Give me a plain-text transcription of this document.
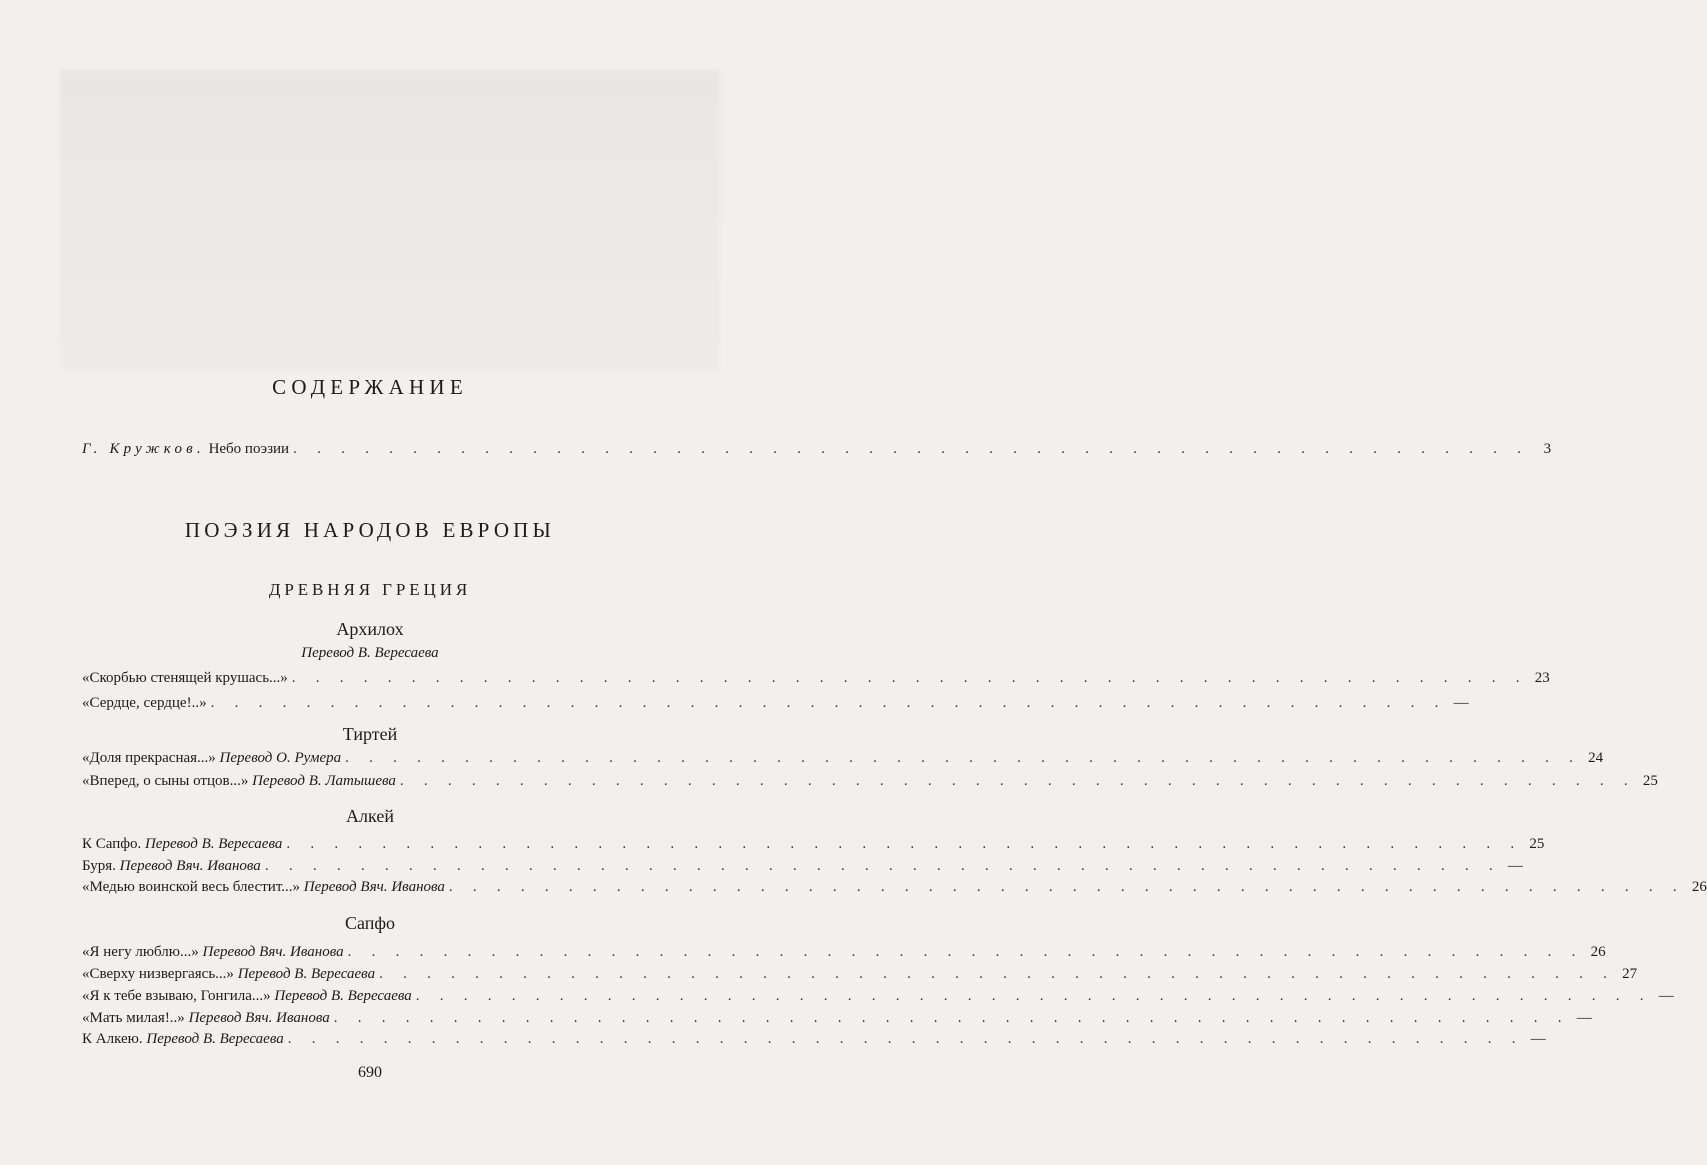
СОДЕРЖАНИЕ
Г. Кружков. Небо поэзии . . . . . . . . . . . . . . . . . . . . . . . . . . . . . . . . . . . . . . . . . . . . . . . . . . . . 3
ПОЭЗИЯ НАРОДОВ ЕВРОПЫ
ДРЕВНЯЯ ГРЕЦИЯ
Архилох

Перевод В. Вересаева

«Скорбью стенящей крушась...» . . . . . . . . . . . . . . . . . . . . . . . . . . . . . . . . . . . . . . . . . . . . . . . . . . . . 23
«Сердце, сердце!..» . . . . . . . . . . . . . . . . . . . . . . . . . . . . . . . . . . . . . . . . . . . . . . . . . . . . —
Тиртей
«Доля прекрасная...» Перевод О. Румера . . . . . . . . . . . . . . . . . . . . . . . . . . . . . . . . . . . . . . . . . . . . . . . . . . . . 24
«Вперед, о сыны отцов...» Перевод В. Латышева . . . . . . . . . . . . . . . . . . . . . . . . . . . . . . . . . . . . . . . . . . . . . . . . . . . . 25
Алкей
К Сапфо. Перевод В. Вересаева . . . . . . . . . . . . . . . . . . . . . . . . . . . . . . . . . . . . . . . . . . . . . . . . . . . . 25
Буря. Перевод Вяч. Иванова . . . . . . . . . . . . . . . . . . . . . . . . . . . . . . . . . . . . . . . . . . . . . . . . . . . . —
«Медью воинской весь блестит...» Перевод Вяч. Иванова . . . . . . . . . . . . . . . . . . . . . . . . . . . . . . . . . . . . . . . . . . . . . . . . . . . . 26
Сапфо
«Я негу люблю...» Перевод Вяч. Иванова . . . . . . . . . . . . . . . . . . . . . . . . . . . . . . . . . . . . . . . . . . . . . . . . . . . . 26
«Сверху низвергаясь...» Перевод В. Вересаева . . . . . . . . . . . . . . . . . . . . . . . . . . . . . . . . . . . . . . . . . . . . . . . . . . . . 27
«Я к тебе взываю, Гонгила...» Перевод В. Вересаева . . . . . . . . . . . . . . . . . . . . . . . . . . . . . . . . . . . . . . . . . . . . . . . . . . . . —
«Мать милая!..» Перевод Вяч. Иванова . . . . . . . . . . . . . . . . . . . . . . . . . . . . . . . . . . . . . . . . . . . . . . . . . . . . —
К Алкею. Перевод В. Вересаева . . . . . . . . . . . . . . . . . . . . . . . . . . . . . . . . . . . . . . . . . . . . . . . . . . . . —
690
